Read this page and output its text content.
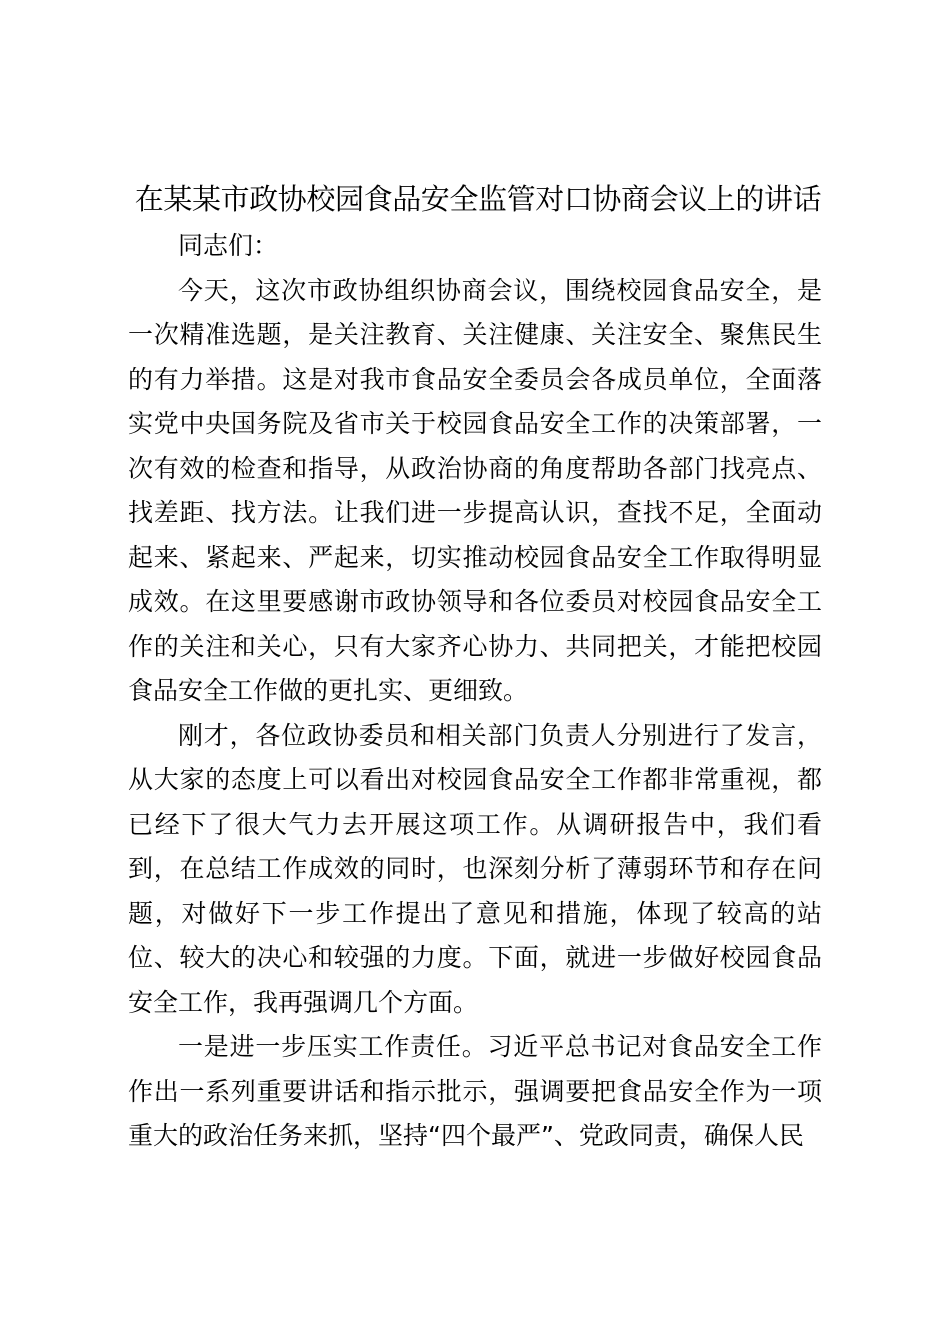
在某某市政协校园食品安全监管对口协商会议上的讲话

同志们：

今天，这次市政协组织协商会议，围绕校园食品安全，是一次精准选题，是关注教育、关注健康、关注安全、聚焦民生的有力举措。这是对我市食品安全委员会各成员单位，全面落实党中央国务院及省市关于校园食品安全工作的决策部署，一次有效的检查和指导，从政治协商的角度帮助各部门找亮点、找差距、找方法。让我们进一步提高认识，查找不足，全面动起来、紧起来、严起来，切实推动校园食品安全工作取得明显成效。在这里要感谢市政协领导和各位委员对校园食品安全工作的关注和关心，只有大家齐心协力、共同把关，才能把校园食品安全工作做的更扎实、更细致。

刚才，各位政协委员和相关部门负责人分别进行了发言，从大家的态度上可以看出对校园食品安全工作都非常重视，都已经下了很大气力去开展这项工作。从调研报告中，我们看到，在总结工作成效的同时，也深刻分析了薄弱环节和存在问题，对做好下一步工作提出了意见和措施，体现了较高的站位、较大的决心和较强的力度。下面，就进一步做好校园食品安全工作，我再强调几个方面。

一是进一步压实工作责任。习近平总书记对食品安全工作作出一系列重要讲话和指示批示，强调要把食品安全作为一项重大的政治任务来抓，坚持“四个最严”、党政同责，确保人民
